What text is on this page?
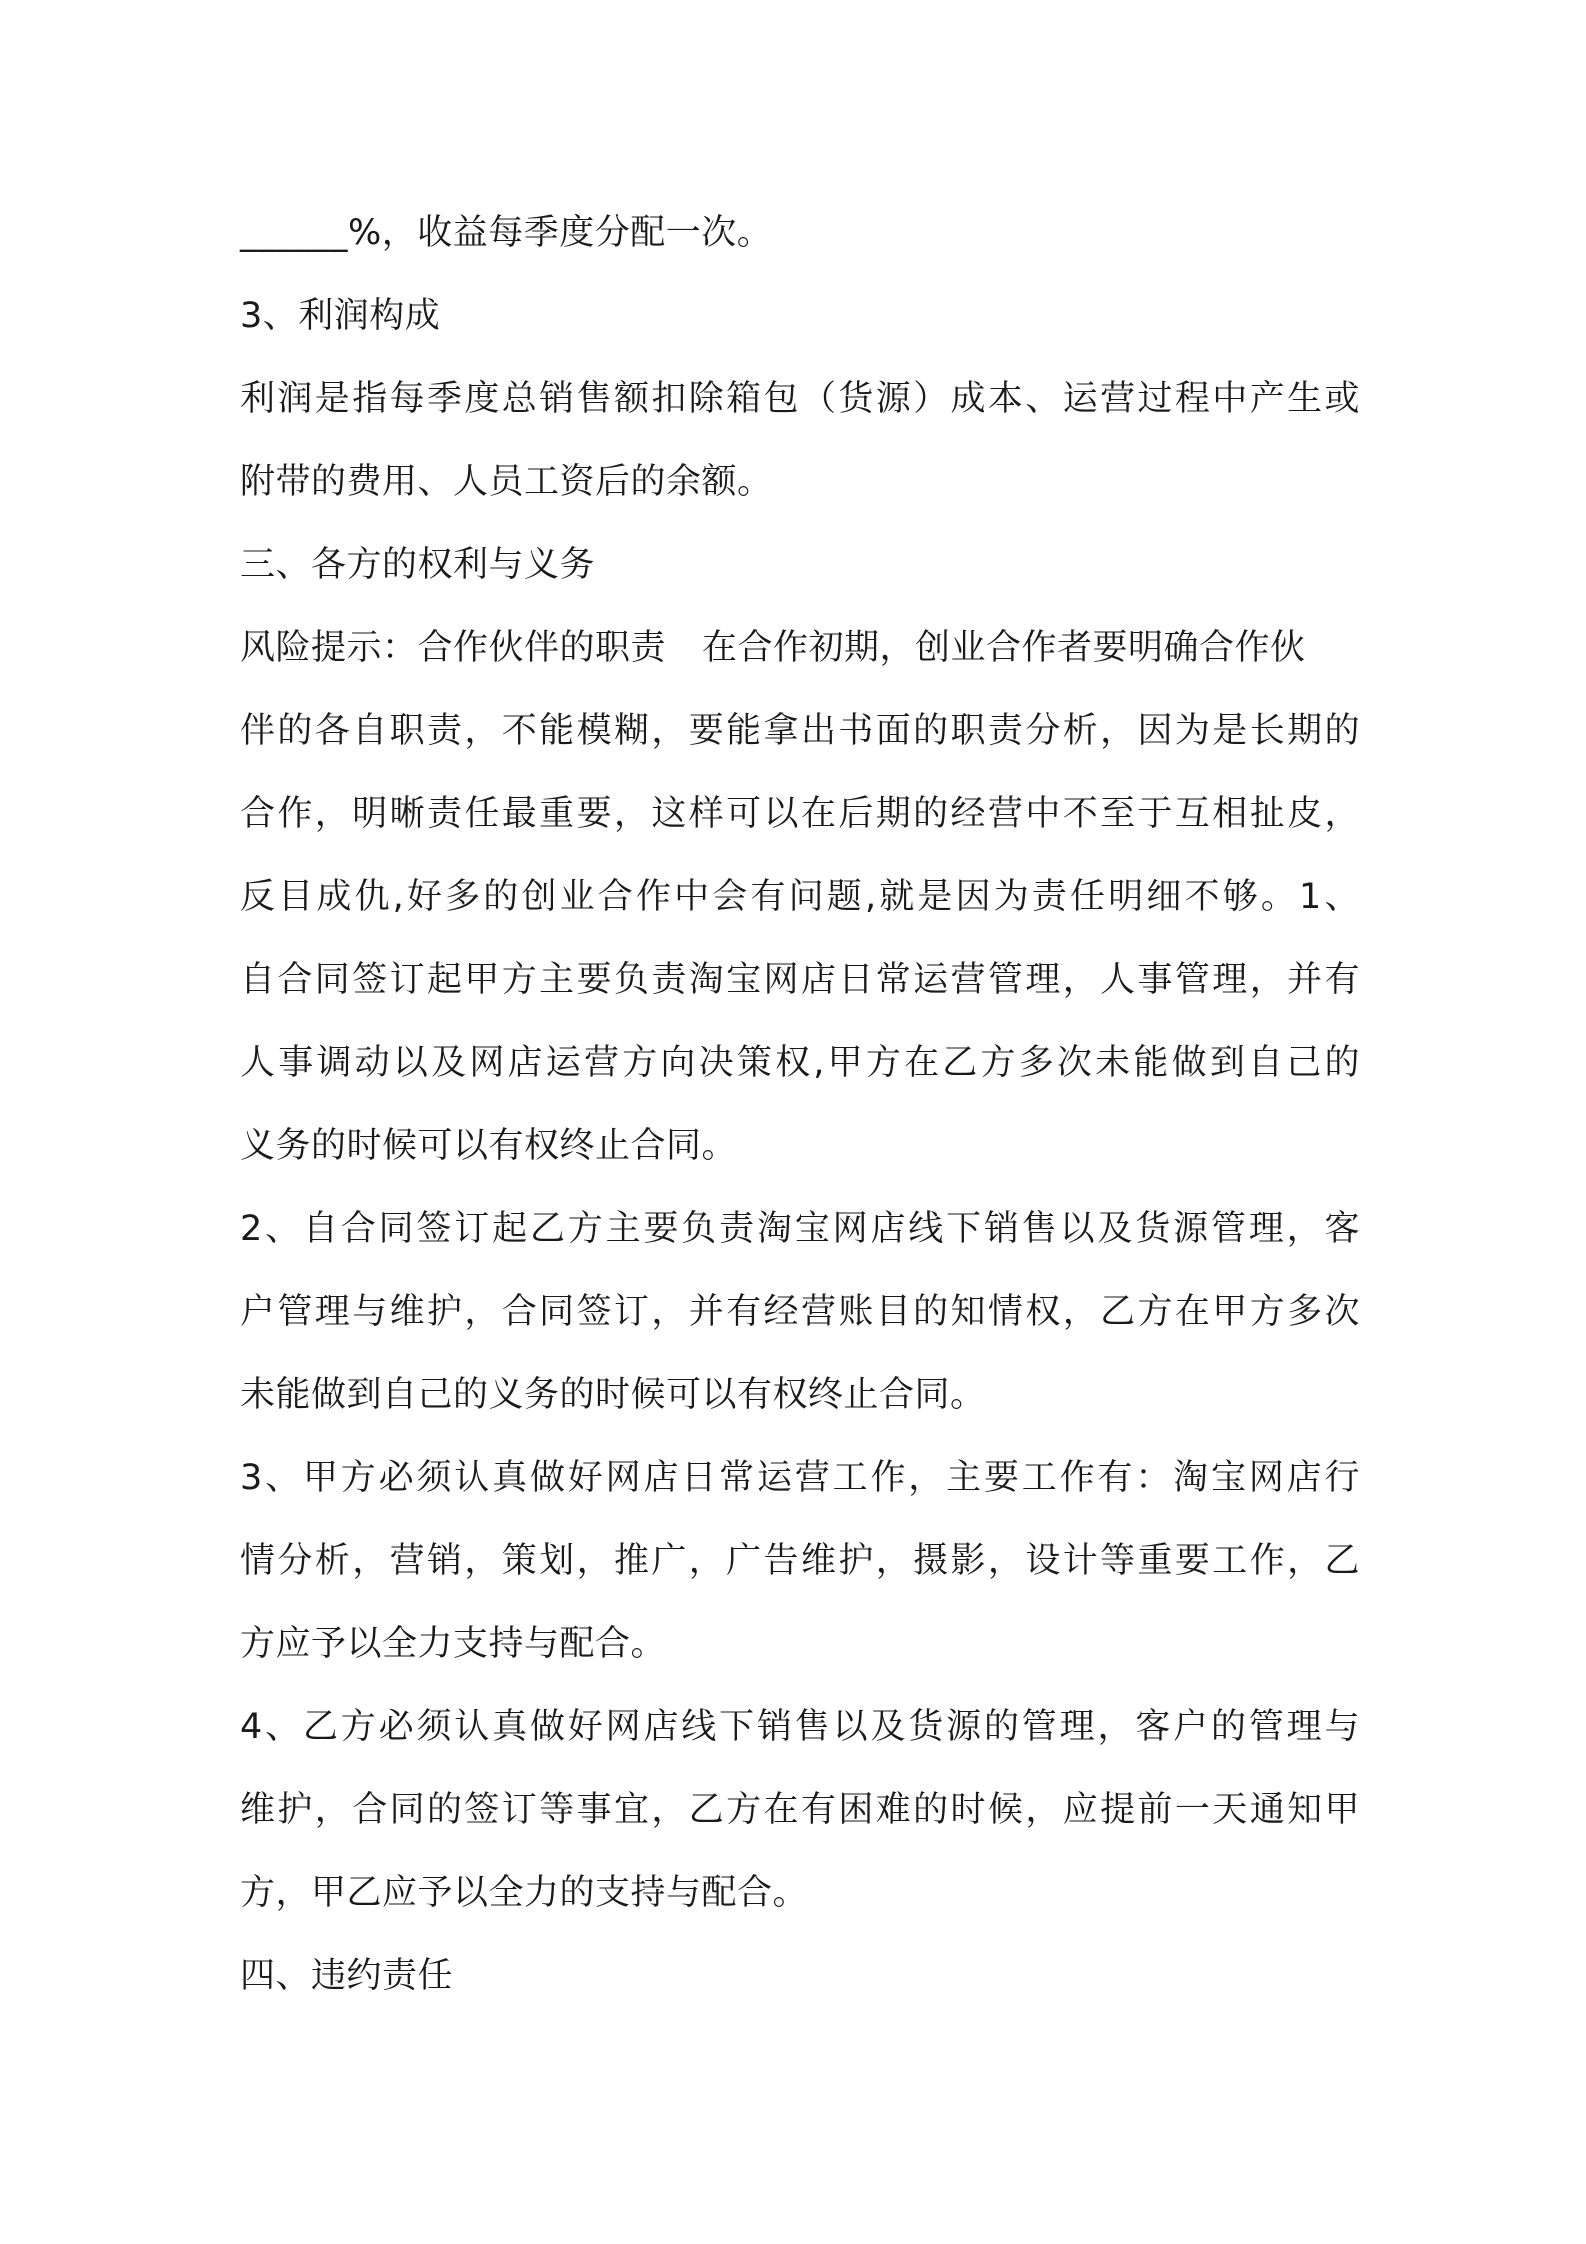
______%，收益每季度分配一次。
3、利润构成
利润是指每季度总销售额扣除箱包（货源）成本、运营过程中产生或
附带的费用、人员工资后的余额。
三、各方的权利与义务
风险提示：合作伙伴的职责 在合作初期，创业合作者要明确合作伙
伴的各自职责，不能模糊，要能拿出书面的职责分析，因为是长期的
合作，明晰责任最重要，这样可以在后期的经营中不至于互相扯皮，
反目成仇,好多的创业合作中会有问题,就是因为责任明细不够。1、
自合同签订起甲方主要负责淘宝网店日常运营管理，人事管理，并有
人事调动以及网店运营方向决策权,甲方在乙方多次未能做到自己的
义务的时候可以有权终止合同。
2、自合同签订起乙方主要负责淘宝网店线下销售以及货源管理，客
户管理与维护，合同签订，并有经营账目的知情权，乙方在甲方多次
未能做到自己的义务的时候可以有权终止合同。
3、甲方必须认真做好网店日常运营工作，主要工作有：淘宝网店行
情分析，营销，策划，推广，广告维护，摄影，设计等重要工作，乙
方应予以全力支持与配合。
4、乙方必须认真做好网店线下销售以及货源的管理，客户的管理与
维护，合同的签订等事宜，乙方在有困难的时候，应提前一天通知甲
方，甲乙应予以全力的支持与配合。
四、违约责任
